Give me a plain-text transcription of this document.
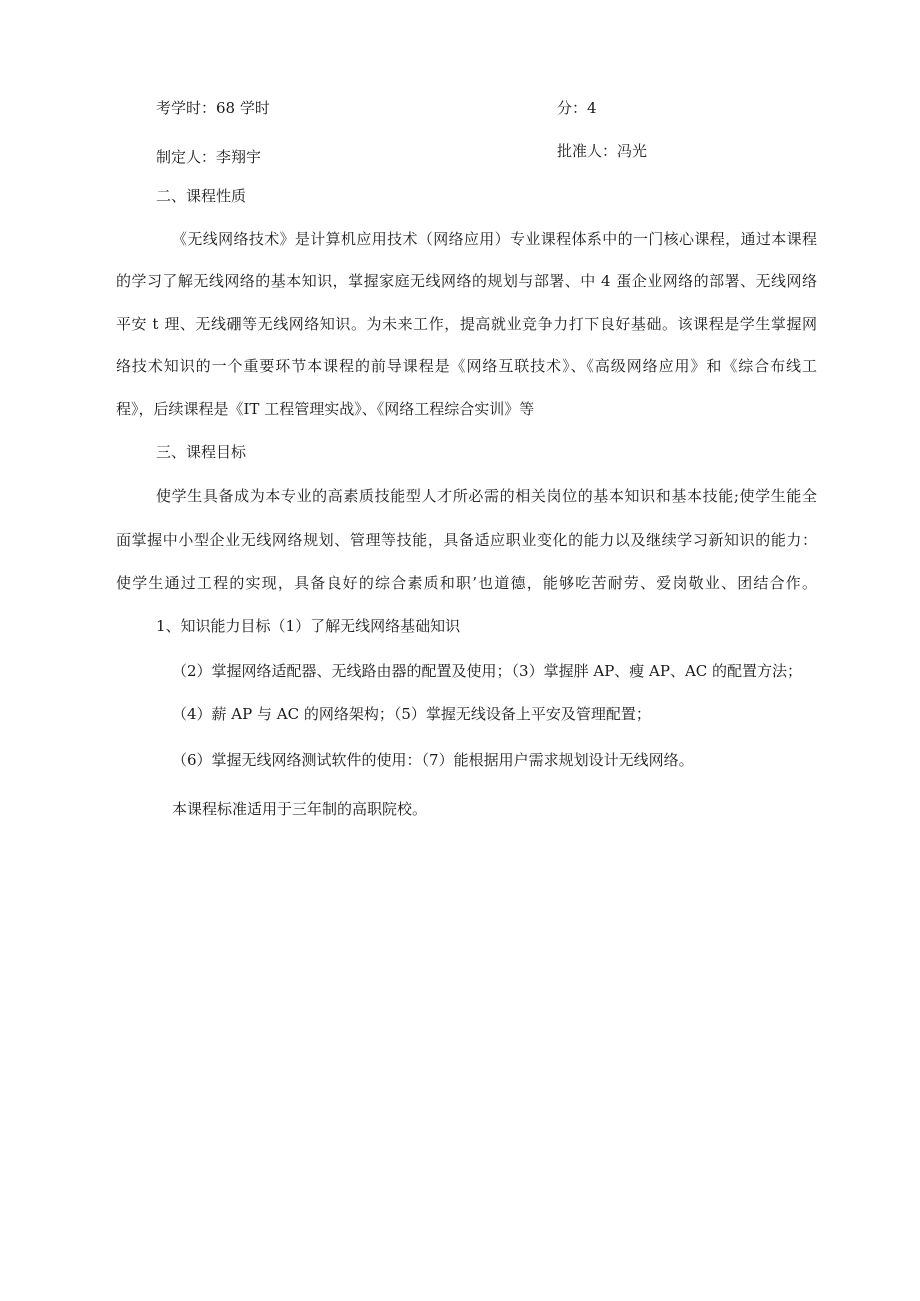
考学时：68 学时	分：4
制定人：李翔宇	批准人：冯光
二、课程性质
《无线网络技术》是计算机应用技术（网络应用）专业课程体系中的一门核心课程，通过本课程
的学习了解无线网络的基本知识，掌握家庭无线网络的规划与部署、中 4 蛋企业网络的部署、无线网络
平安 t 理、无线硼等无线网络知识。为未来工作，提高就业竞争力打下良好基础。该课程是学生掌握网
络技术知识的一个重要环节本课程的前导课程是《网络互联技术》、《高级网络应用》和《综合布线工
程》，后续课程是《IT 工程管理实战》、《网络工程综合实训》等
三、课程目标
使学生具备成为本专业的高素质技能型人才所必需的相关岗位的基本知识和基本技能;使学生能全
面掌握中小型企业无线网络规划、管理等技能，具备适应职业变化的能力以及继续学习新知识的能力：
使学生通过工程的实现，具备良好的综合素质和职’也道德，能够吃苦耐劳、爱岗敬业、团结合作。
1、知识能力目标（1）了解无线网络基础知识
（2）掌握网络适配器、无线路由器的配置及使用；（3）掌握胖 AP、瘦 AP、AC 的配置方法；
（4）薪 AP 与 AC 的网络架构；（5）掌握无线设备上平安及管理配置；
（6）掌握无线网络测试软件的使用：（7）能根据用户需求规划设计无线网络。
本课程标准适用于三年制的高职院校。
